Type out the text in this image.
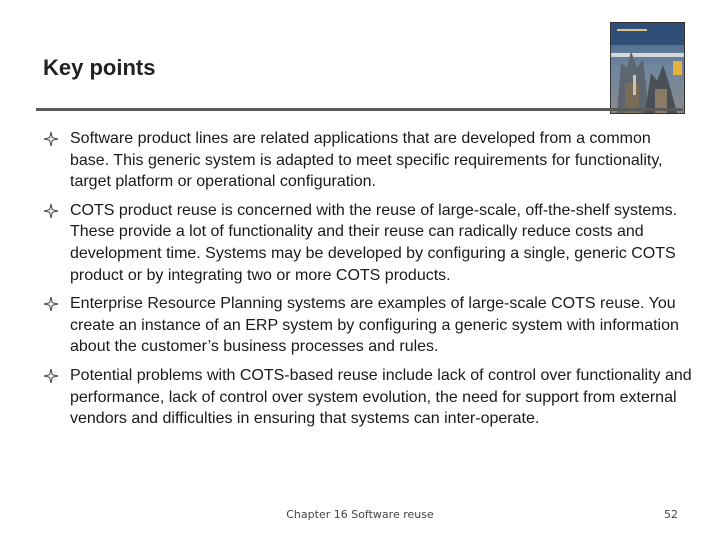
Key points
Software product lines are related applications that are developed from a common base. This generic system is adapted to meet specific requirements for functionality, target platform or operational configuration.
COTS product reuse is concerned with the reuse of large-scale, off-the-shelf systems. These provide a lot of functionality and their reuse can radically reduce costs and development time. Systems may be developed by configuring a single, generic COTS product or by integrating two or more COTS products.
Enterprise Resource Planning systems are examples of large-scale COTS reuse. You create an instance of an ERP system by configuring a generic system with information about the customer’s business processes and rules.
Potential problems with COTS-based reuse include lack of control over functionality and performance, lack of control over system evolution, the need for support from external vendors and difficulties in ensuring that systems can inter-operate.
Chapter 16 Software reuse	52
